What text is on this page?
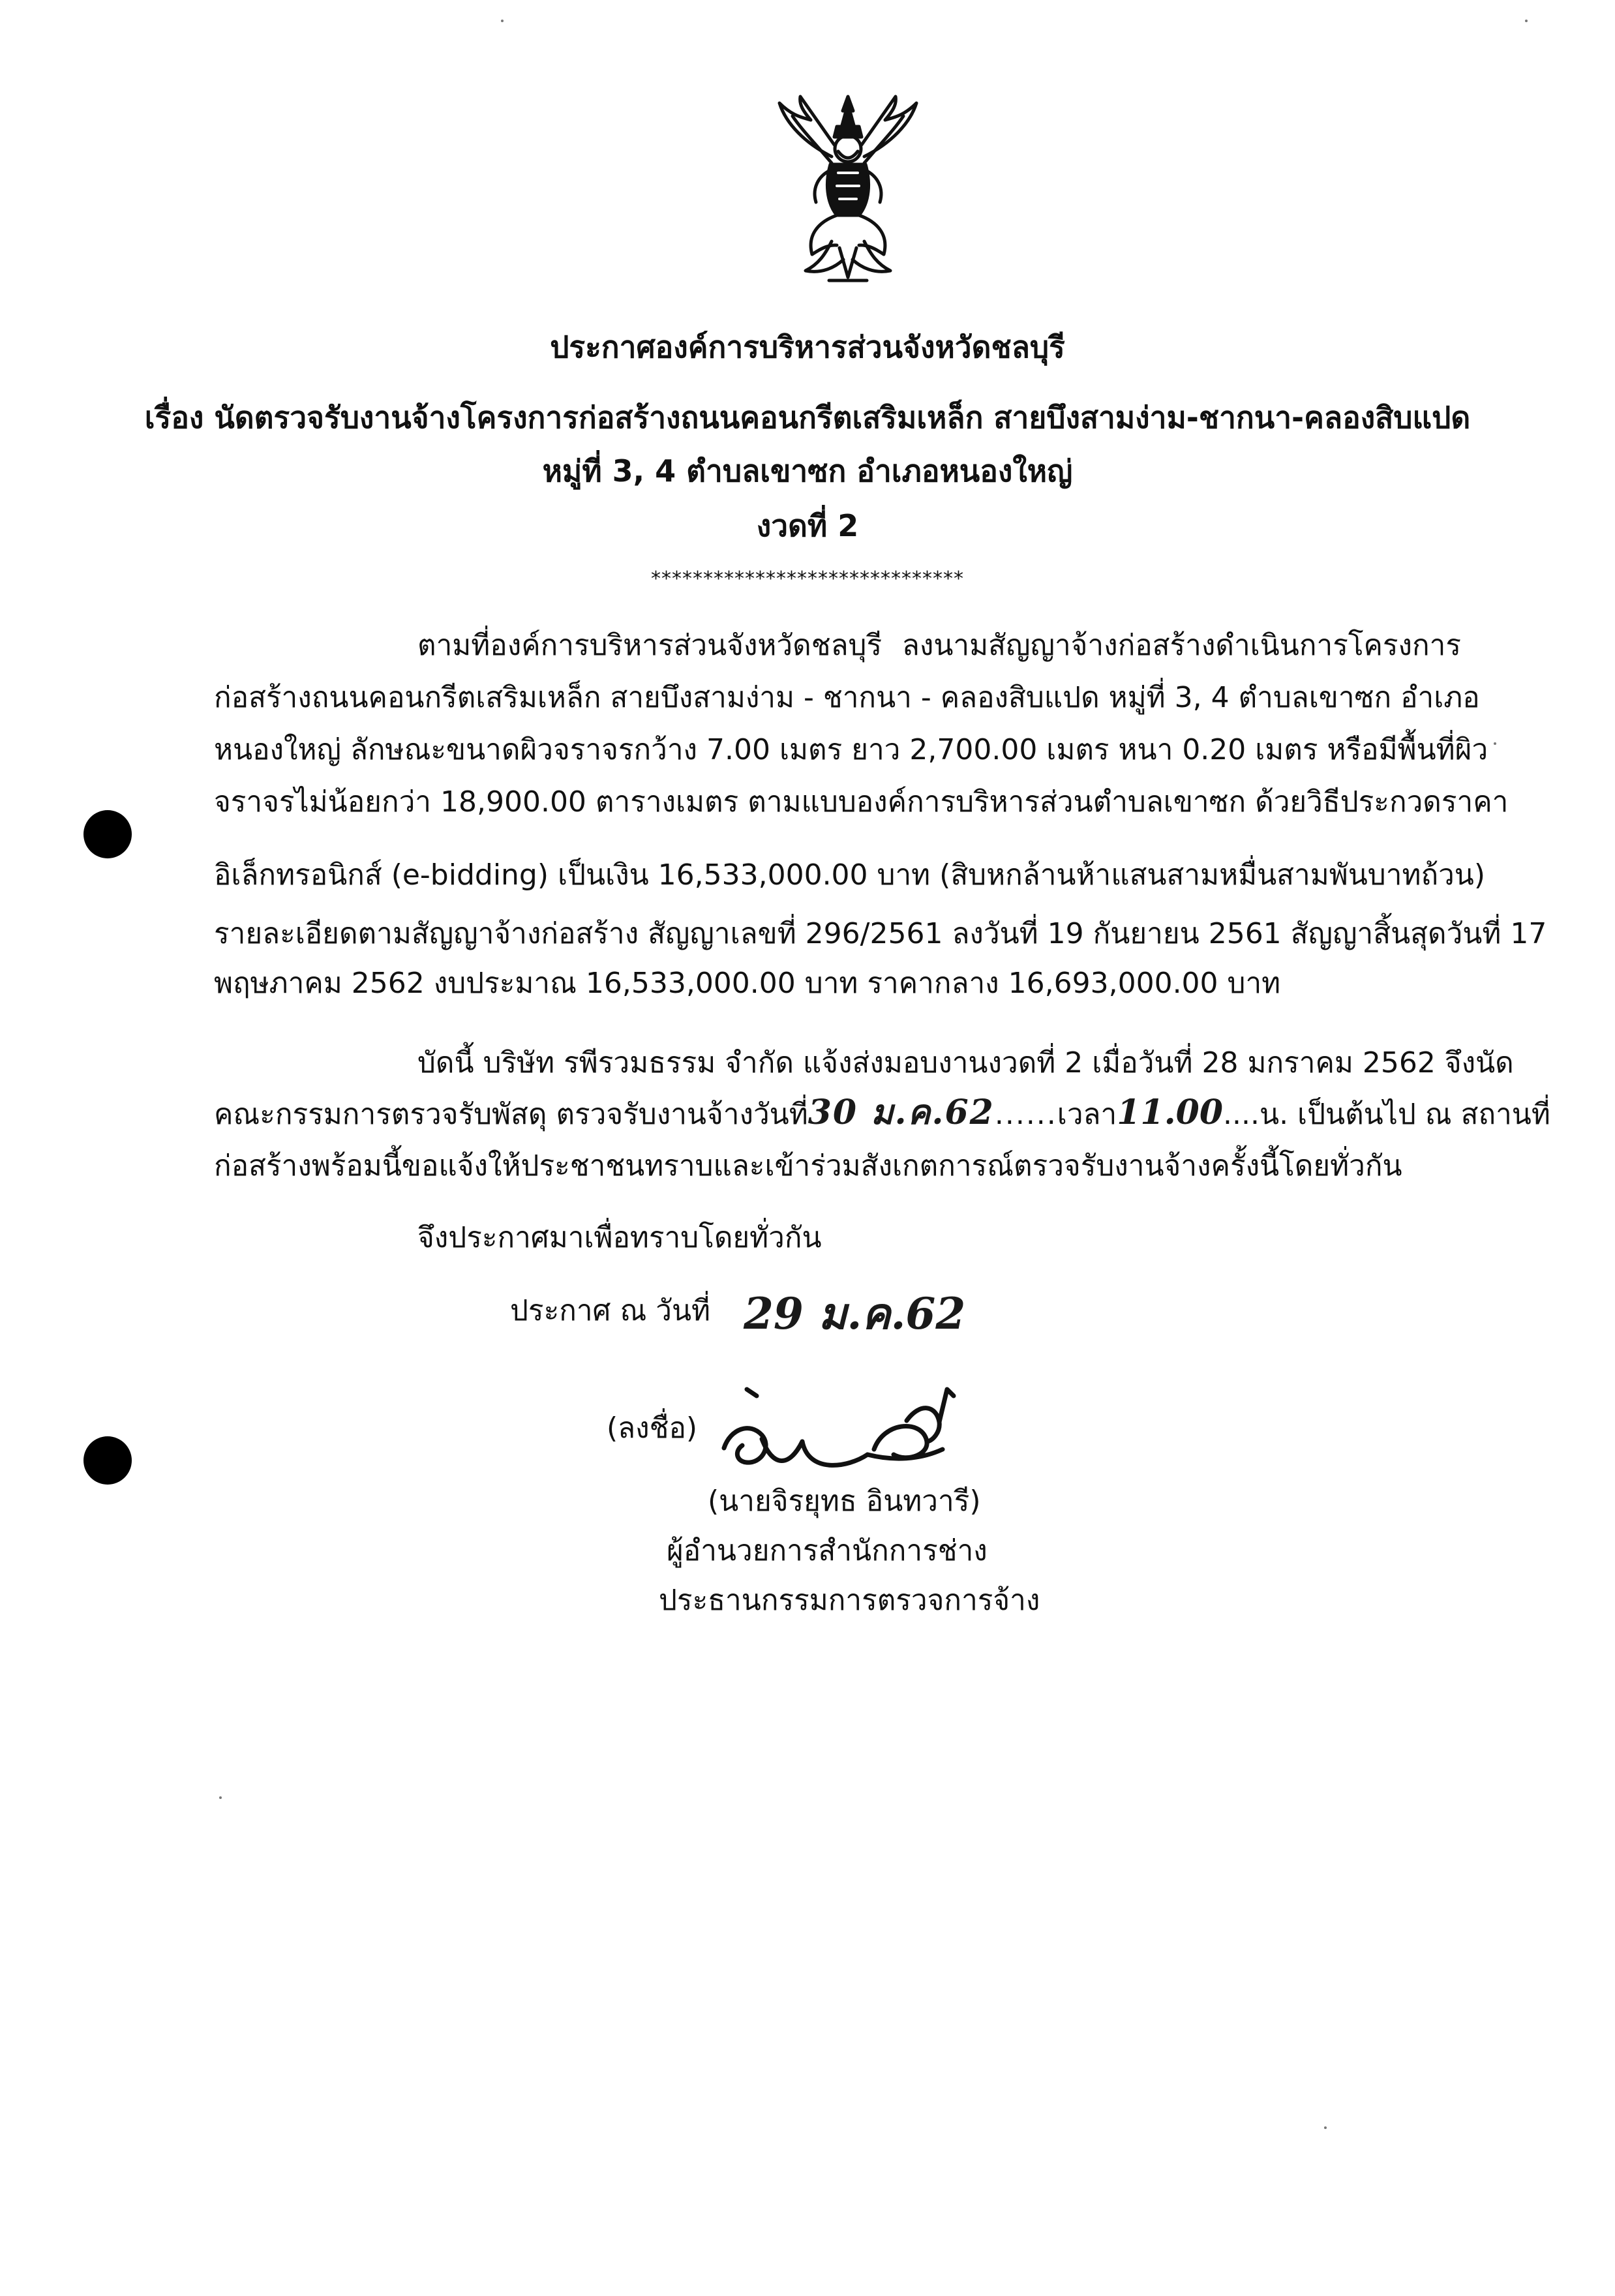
ประกาศองค์การบริหารส่วนจังหวัดชลบุรี
เรื่อง นัดตรวจรับงานจ้างโครงการก่อสร้างถนนคอนกรีตเสริมเหล็ก สายบึงสามง่าม-ชากนา-คลองสิบแปด
หมู่ที่ 3, 4 ตำบลเขาซก อำเภอหนองใหญ่
งวดที่ 2
******************************
ตามที่องค์การบริหารส่วนจังหวัดชลบุรี ลงนามสัญญาจ้างก่อสร้างดำเนินการโครงการ
ก่อสร้างถนนคอนกรีตเสริมเหล็ก สายบึงสามง่าม - ชากนา - คลองสิบแปด หมู่ที่ 3, 4 ตำบลเขาซก อำเภอ
หนองใหญ่ ลักษณะขนาดผิวจราจรกว้าง 7.00 เมตร ยาว 2,700.00 เมตร หนา 0.20 เมตร หรือมีพื้นที่ผิว
จราจรไม่น้อยกว่า 18,900.00 ตารางเมตร ตามแบบองค์การบริหารส่วนตำบลเขาซก ด้วยวิธีประกวดราคา
อิเล็กทรอนิกส์ (e-bidding) เป็นเงิน 16,533,000.00 บาท (สิบหกล้านห้าแสนสามหมื่นสามพันบาทถ้วน)
รายละเอียดตามสัญญาจ้างก่อสร้าง สัญญาเลขที่ 296/2561 ลงวันที่ 19 กันยายน 2561 สัญญาสิ้นสุดวันที่ 17
พฤษภาคม 2562 งบประมาณ 16,533,000.00 บาท ราคากลาง 16,693,000.00 บาท
บัดนี้ บริษัท รพีรวมธรรม จำกัด แจ้งส่งมอบงานงวดที่ 2 เมื่อวันที่ 28 มกราคม 2562 จึงนัด
คณะกรรมการตรวจรับพัสดุ ตรวจรับงานจ้างวันที่30 ม.ค.62......เวลา11.00....น. เป็นต้นไป ณ สถานที่
ก่อสร้างพร้อมนี้ขอแจ้งให้ประชาชนทราบและเข้าร่วมสังเกตการณ์ตรวจรับงานจ้างครั้งนี้โดยทั่วกัน
จึงประกาศมาเพื่อทราบโดยทั่วกัน
ประกาศ ณ วันที่ 29 ม.ค.62
(ลงชื่อ)
(นายจิรยุทธ อินทวารี)
ผู้อำนวยการสำนักการช่าง
ประธานกรรมการตรวจการจ้าง
